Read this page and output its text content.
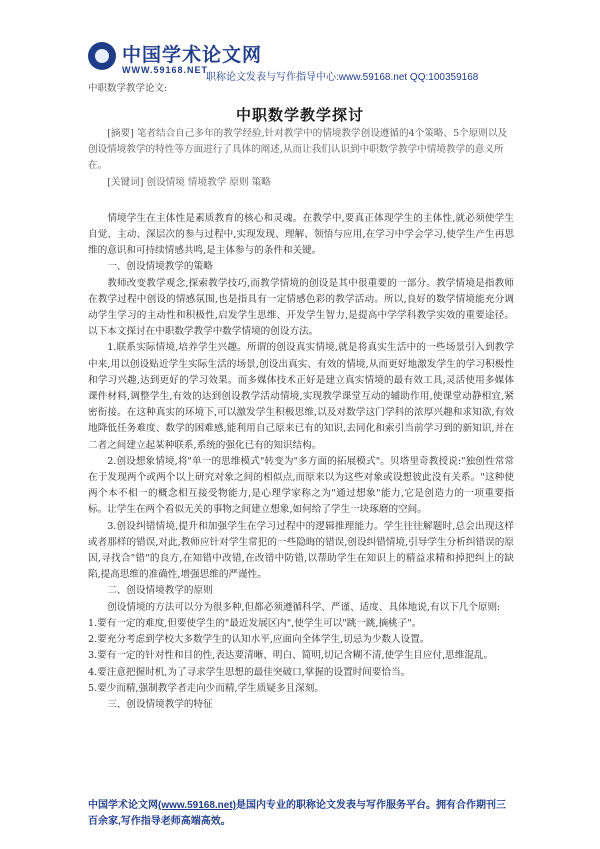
中国学术论文网
WWW.59168.NET
职称论文发表与写作指导中心:www.59168.net QQ:100359168
中职数学教学论文:
中职数学教学探讨

[摘要] 笔者结合自己多年的教学经验,针对教学中的情境教学创设遵循的4个策略、5个原则以及创设情境教学的特性等方面进行了具体的阐述,从而让我们认识到中职数学教学中情境教学的意义所在。

[关键词] 创设情境 情境教学 原则 策略

情境学生在主体性是素质教育的核心和灵魂。在教学中,要真正体现学生的主体性,就必须使学生自觉、主动、深层次的参与过程中,实现发现、理解、领悟与应用,在学习中学会学习,使学生产生再思维的意识和可持续情感共鸣,是主体参与的条件和关键。

一、创设情境教学的策略

教师改变教学观念,探索教学技巧,而教学情境的创设是其中很重要的一部分。教学情境是指教师在教学过程中创设的情感氛围,也是指具有一定情感色彩的教学活动。所以,良好的数学情境能充分调动学生学习的主动性和积极性,启发学生思维、开发学生智力,是提高中学学科教学实效的重要途径。以下本文探讨在中职数学教学中数学情境的创设方法。

1.联系实际情境,培养学生兴趣。所谓的创设真实情境,就是将真实生活中的一些场景引入到教学中来,用以创设贴近学生实际生活的场景,创设出真实、有效的情境,从而更好地激发学生的学习积极性和学习兴趣,达到更好的学习效果。而多媒体技术正好是建立真实情境的最有效工具,灵活使用多媒体课件材料,调整学生,有效的达到创设教学活动情境,实现教学课堂互动的辅助作用,使课堂动静相宜,紧密衔接。在这种真实的环境下,可以激发学生积极思维,以及对数学这门学科的浓厚兴趣和求知欲,有效地降低任务难度、数学的困难感,能利用自己原来已有的知识,去同化和索引当前学习到的新知识,并在二者之间建立起某种联系,系统的强化已有的知识结构。

2.创设想象情境,将"单一的思维模式"转变为"多方面的拓展模式"。贝塔里奇教授说:"独创性常常在于发现两个或两个以上研究对象之间的相似点,而原来以为这些对象或设想彼此没有关系。"这种使两个本不相一的概念相互接受物能力,是心理学家称之为"通过想象"能力,它是创造力的一项重要指标。让学生在两个看似无关的事物之间建立想象,如何给了学生一块琢磨的空间。

3.创设纠错情境,提升和加强学生在学习过程中的逻辑推理能力。学生往往解题时,总会出现这样或者那样的错误,对此,教师应针对学生常犯的一些隐晦的错误,创设纠错情境,引导学生分析纠错误的原因,寻找合"错"的良方,在知错中改错,在改错中防错,以帮助学生在知识上的精益求精和掉把纠上的缺陷,提高思维的准确性,增强思维的严谨性。

二、创设情境教学的原则

创设情境的方法可以分为很多种,但都必须遵循科学、严谨、适度、具体地说,有以下几个原则:

1.要有一定的难度,但要使学生的"最近发展区内",使学生可以"跳一跳,摘桃子"。

2.要充分考虑到学校大多数学生的认知水平,应面向全体学生,切忌为少数人设置。

3.要有一定的针对性和目的性,表达要清晰、明白、简明,切记含糊不清,使学生目应付,思维混乱。

4.要注意把握时机,为了寻求学生思想的最佳突破口,掌握的设置时间要恰当。

5.要少而精,强制教学者走向少而精,学生质疑多且深刻。

三、创设情境教学的特征

中国学术论文网(www.59168.net)是国内专业的职称论文发表与写作服务平台。拥有合作期刊三百余家,写作指导老师高端高效。
